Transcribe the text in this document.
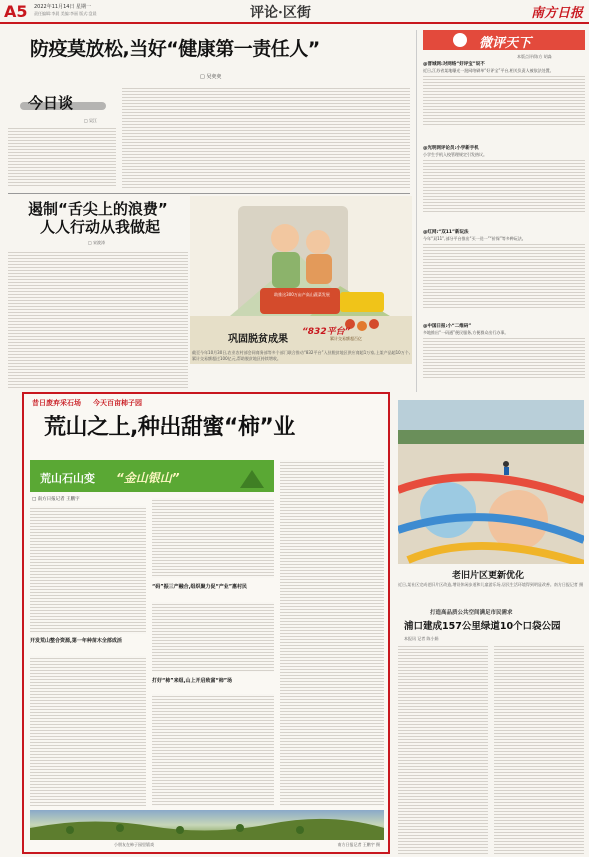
A5 2022年11月14日 星期一
责任编辑:李晨 美编:李丽 版式:盘晨	评论·区街	南方日报
防疫莫放松,当好“健康第一责任人”
□ 吴奕奕
今日谈
□ 吴江
遏制“舌尖上的浪费”
人人行动从我做起
□ 宋波涛
助推这300万亩产高山蔬菜发展
“832平台”
累计交易额超百亿
巩固脱贫成果
截至今年10月30日,农业农村部会同商务部等多个部门联合推动“832平台”入驻脱贫地区供应商超1万家,上架产品超10万个,累计交易额超过100亿元,帮助脱贫地区持续增收。
微评天下
本版点评/陈方 胡淼
@晋城网:对网络“好评宝”说不
近日,江苏省某地曝光一批网络刷单“好评宝”平台,相关负责人被依法处置。
@光明网评论员:小学新手机
小学生手机入校管理规定引发热议。
@红网:“双11”新玩法
今年“双11”,部分平台推出“买一送一”“价保”等多种玩法。
@中国日报:小“二维码”
多地推出“一码通”便民服务,方便群众出行办事。
昔日废弃采石场 今天百亩柿子园
荒山之上,种出甜蜜“柿”业
荒山石山变 “金山银山”
□ 南方日报记者 王鹏宇
开发荒山整合资源,第一年种苗木全部成活
“码”振三产融合,组织聚力促“产业”惠村民
打好“柿”来组,山上开启致富“柿”场
小朋友在柿子园里嬉戏	南方日报记者 王鹏宇 摄
老旧片区更新优化
近日,某社区完成老旧片区改造,增设休闲步道和儿童游乐场,居民生活环境得到明显改善。南方日报记者 摄
打造高品质公共空间满足市民需求
浦口建成157公里绿道10个口袋公园
本报讯 记者 陈小娟
